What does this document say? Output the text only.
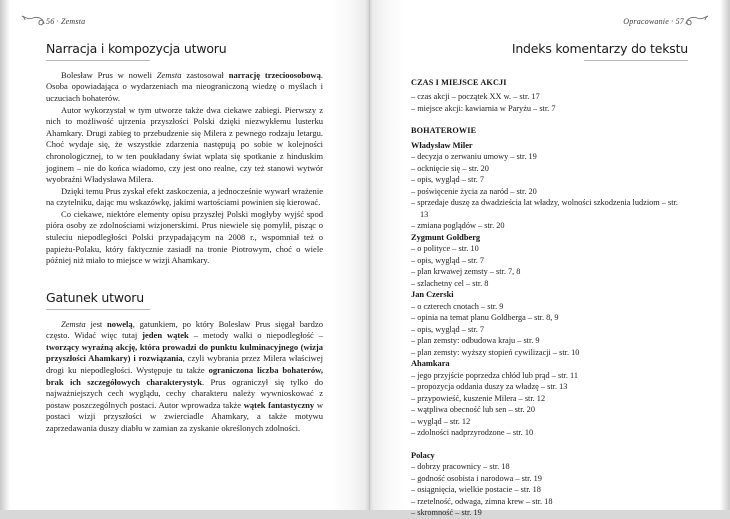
56 · Zemsta
Narracja i kompozycja utworu

Bolesław Prus w noweli Zemsta zastosował narrację trzecioosobową. Osoba opowiadająca o wydarzeniach ma nieograniczoną wiedzę o myślach i uczuciach bohaterów.

Autor wykorzystał w tym utworze także dwa ciekawe zabiegi. Pierwszy z nich to możliwość ujrzenia przyszłości Polski dzięki niezwykłemu lusterku Ahamkary. Drugi zabieg to przebudzenie się Milera z pewnego rodzaju letargu. Choć wydaje się, że wszystkie zdarzenia następują po sobie w kolejności chronologicznej, to w ten poukładany świat wplata się spotkanie z hinduskim joginem – nie do końca wiadomo, czy jest ono realne, czy też stanowi wytwór wyobraźni Władysława Milera.

Dzięki temu Prus zyskał efekt zaskoczenia, a jednocześnie wywarł wrażenie na czytelniku, dając mu wskazówkę, jakimi wartościami powinien się kierować.

Co ciekawe, niektóre elementy opisu przyszłej Polski mogłyby wyjść spod pióra osoby ze zdolnościami wizjonerskimi. Prus niewiele się pomylił, pisząc o stuleciu niepodległości Polski przypadającym na 2008 r., wspomniał też o papieżu-Polaku, który faktycznie zasiadł na tronie Piotrowym, choć o wiele później niż miało to miejsce w wizji Ahamkary.

Gatunek utworu

Zemsta jest nowelą, gatunkiem, po który Bolesław Prus sięgał bardzo często. Widać więc tutaj jeden wątek – metody walki o niepodległość – tworzący wyraźną akcję, która prowadzi do punktu kulminacyjnego (wizja przyszłości Ahamkary) i rozwiązania, czyli wybrania przez Milera właściwej drogi ku niepodległości. Występuje tu także ograniczona liczba bohaterów, brak ich szczegółowych charakterystyk. Prus ograniczył się tylko do najważniejszych cech wyglądu, cechy charakteru należy wywnioskować z postaw poszczególnych postaci. Autor wprowadza także wątek fantastyczny w postaci wizji przyszłości w zwierciadle Ahamkary, a także motywu zaprzedawania duszy diabłu w zamian za zyskanie określonych zdolności.

Opracowanie · 57
Indeks komentarzy do tekstu
CZAS I MIEJSCE AKCJI
– czas akcji – początek XX w. – str. 17
– miejsce akcji: kawiarnia w Paryżu – str. 7
BOHATEROWIE
Władysław Miler
– decyzja o zerwaniu umowy – str. 19
– ocknięcie się – str. 20
– opis, wygląd – str. 7
– poświęcenie życia za naród – str. 20
– sprzedaje duszę za dwadzieścia lat władzy, wolności szkodzenia ludziom – str. 13
– zmiana poglądów – str. 20
Zygmunt Goldberg
– o polityce – str. 10
– opis, wygląd – str. 7
– plan krwawej zemsty – str. 7, 8
– szlachetny cel – str. 8
Jan Czerski
– o czterech cnotach – str. 9
– opinia na temat planu Goldberga – str. 8, 9
– opis, wygląd – str. 7
– plan zemsty: odbudowa kraju – str. 9
– plan zemsty: wyższy stopień cywilizacji – str. 10
Ahamkara
– jego przyjście poprzedza chłód lub prąd – str. 11
– propozycja oddania duszy za władzę – str. 13
– przypowieść, kuszenie Milera – str. 12
– wątpliwa obecność lub sen – str. 20
– wygląd – str. 12
– zdolności nadprzyrodzone – str. 10
Polacy
– dobrzy pracownicy – str. 18
– godność osobista i narodowa – str. 19
– osiągnięcia, wielkie postacie – str. 18
– rzetelność, odwaga, zimna krew – str. 18
– skromność – str. 19
